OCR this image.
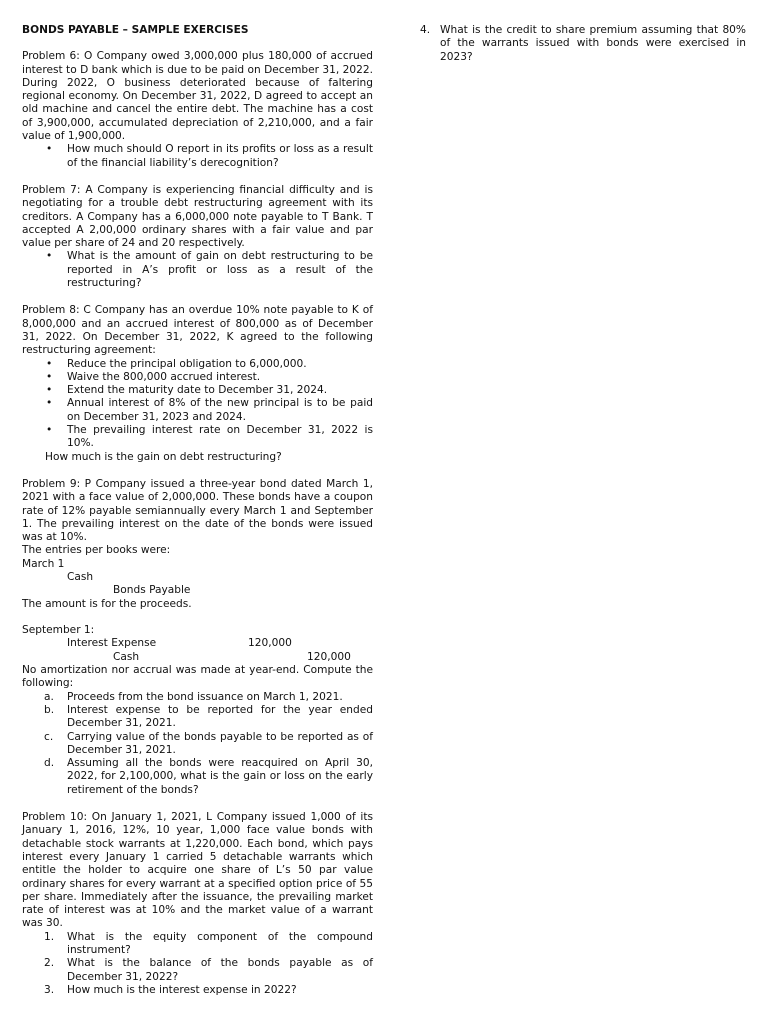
BONDS PAYABLE – SAMPLE EXERCISES

Problem 6: O Company owed 3,000,000 plus 180,000 of accrued interest to D bank which is due to be paid on December 31, 2022. During 2022, O business deteriorated because of faltering regional economy. On December 31, 2022, D agreed to accept an old machine and cancel the entire debt. The machine has a cost of 3,900,000, accumulated depreciation of 2,210,000, and a fair value of 1,900,000.

• How much should O report in its profits or loss as a result of the financial liability’s derecognition?

Problem 7: A Company is experiencing financial difficulty and is negotiating for a trouble debt restructuring agreement with its creditors. A Company has a 6,000,000 note payable to T Bank. T accepted A 2,00,000 ordinary shares with a fair value and par value per share of 24 and 20 respectively.

• What is the amount of gain on debt restructuring to be reported in A’s profit or loss as a result of the restructuring?

Problem 8: C Company has an overdue 10% note payable to K of 8,000,000 and an accrued interest of 800,000 as of December 31, 2022. On December 31, 2022, K agreed to the following restructuring agreement:

• Reduce the principal obligation to 6,000,000.
• Waive the 800,000 accrued interest.
• Extend the maturity date to December 31, 2024.
• Annual interest of 8% of the new principal is to be paid on December 31, 2023 and 2024.
• The prevailing interest rate on December 31, 2022 is 10%.

How much is the gain on debt restructuring?

Problem 9: P Company issued a three-year bond dated March 1, 2021 with a face value of 2,000,000. These bonds have a coupon rate of 12% payable semiannually every March 1 and September 1. The prevailing interest on the date of the bonds were issued was at 10%.

The entries per books were:

March 1
Cash
Bonds Payable

The amount is for the proceeds.

September 1:
Interest Expense	120,000
Cash	120,000

No amortization nor accrual was made at year-end. Compute the following:

a. Proceeds from the bond issuance on March 1, 2021.
b. Interest expense to be reported for the year ended December 31, 2021.
c. Carrying value of the bonds payable to be reported as of December 31, 2021.
d. Assuming all the bonds were reacquired on April 30, 2022, for 2,100,000, what is the gain or loss on the early retirement of the bonds?

Problem 10: On January 1, 2021, L Company issued 1,000 of its January 1, 2016, 12%, 10 year, 1,000 face value bonds with detachable stock warrants at 1,220,000. Each bond, which pays interest every January 1 carried 5 detachable warrants which entitle the holder to acquire one share of L’s 50 par value ordinary shares for every warrant at a specified option price of 55 per share. Immediately after the issuance, the prevailing market rate of interest was at 10% and the market value of a warrant was 30.

1. What is the equity component of the compound instrument?
2. What is the balance of the bonds payable as of December 31, 2022?
3. How much is the interest expense in 2022?
4. What is the credit to share premium assuming that 80% of the warrants issued with bonds were exercised in 2023?
